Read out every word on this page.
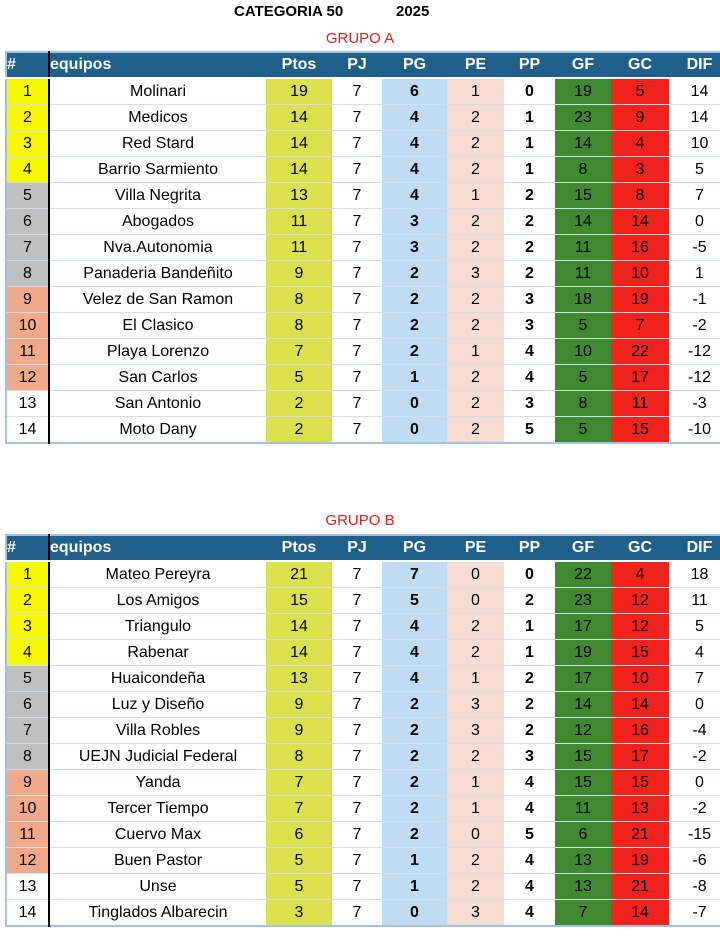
CATEGORIA 50	2025
GRUPO A
#	equipos	Ptos	PJ	PG	PE	PP	GF	GC	DIF
1	Molinari	19	7	6	1	0	19	5	14
2	Medicos	14	7	4	2	1	23	9	14
3	Red Stard	14	7	4	2	1	14	4	10
4	Barrio Sarmiento	14	7	4	2	1	8	3	5
5	Villa Negrita	13	7	4	1	2	15	8	7
6	Abogados	11	7	3	2	2	14	14	0
7	Nva.Autonomia	11	7	3	2	2	11	16	-5
8	Panaderia Bandeñito	9	7	2	3	2	11	10	1
9	Velez de San Ramon	8	7	2	2	3	18	19	-1
10	El Clasico	8	7	2	2	3	5	7	-2
11	Playa Lorenzo	7	7	2	1	4	10	22	-12
12	San Carlos	5	7	1	2	4	5	17	-12
13	San Antonio	2	7	0	2	3	8	11	-3
14	Moto Dany	2	7	0	2	5	5	15	-10
GRUPO B
#	equipos	Ptos	PJ	PG	PE	PP	GF	GC	DIF
1	Mateo Pereyra	21	7	7	0	0	22	4	18
2	Los Amigos	15	7	5	0	2	23	12	11
3	Triangulo	14	7	4	2	1	17	12	5
4	Rabenar	14	7	4	2	1	19	15	4
5	Huaicondeña	13	7	4	1	2	17	10	7
6	Luz y Diseño	9	7	2	3	2	14	14	0
7	Villa Robles	9	7	2	3	2	12	16	-4
8	UEJN Judicial Federal	8	7	2	2	3	15	17	-2
9	Yanda	7	7	2	1	4	15	15	0
10	Tercer Tiempo	7	7	2	1	4	11	13	-2
11	Cuervo Max	6	7	2	0	5	6	21	-15
12	Buen Pastor	5	7	1	2	4	13	19	-6
13	Unse	5	7	1	2	4	13	21	-8
14	Tinglados Albarecin	3	7	0	3	4	7	14	-7
